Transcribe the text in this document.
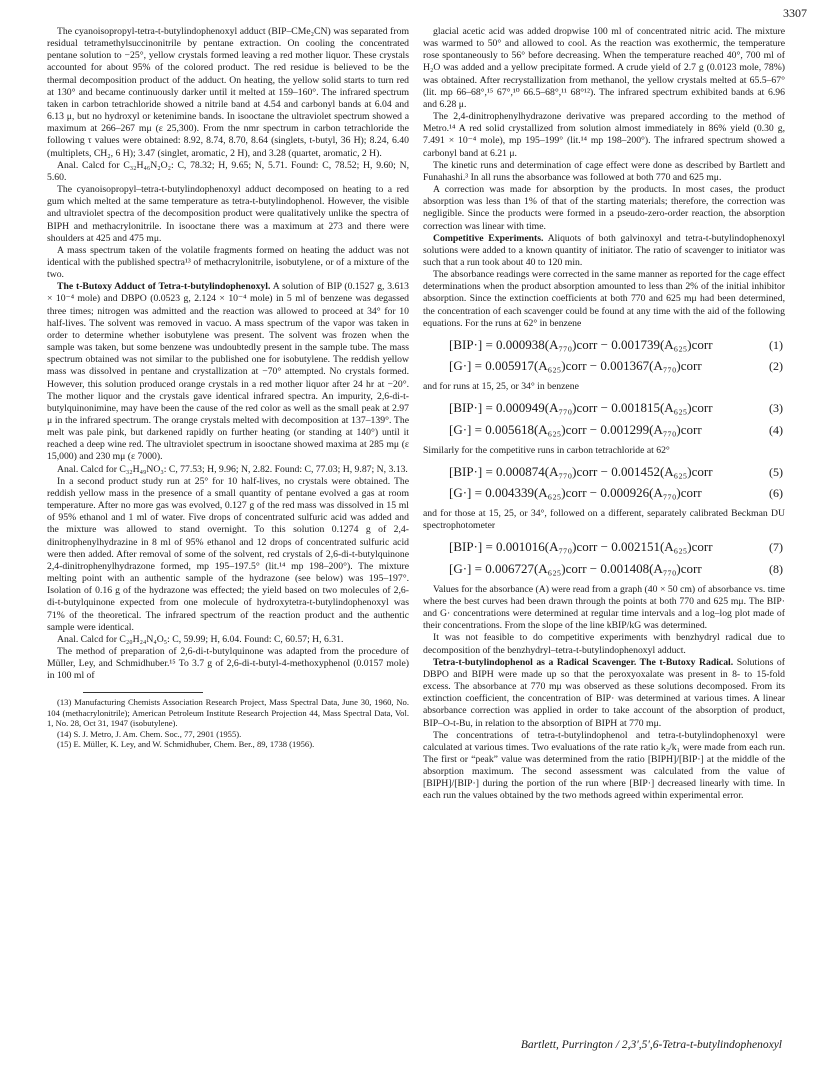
3307

The cyanoisopropyl-tetra-t-butylindophenoxyl adduct (BIP–CMe₂CN) was separated from residual tetramethylsuccinonitrile by pentane extraction. On cooling the concentrated pentane solution to −25°, yellow crystals formed leaving a red mother liquor. These crystals accounted for about 95% of the colored product. The red residue is believed to be the thermal decomposition product of the adduct. On heating, the yellow solid starts to turn red at 130° and became continuously darker until it melted at 159–160°. The infrared spectrum taken in carbon tetrachloride showed a nitrile band at 4.54 and carbonyl bands at 6.04 and 6.13 μ, but no hydroxyl or ketenimine bands. In isooctane the ultraviolet spectrum showed a maximum at 266–267 mμ (ε 25,300). From the nmr spectrum in carbon tetrachloride the following τ values were obtained: 8.92, 8.74, 8.70, 8.64 (singlets, t-butyl, 36 H); 8.24, 6.40 (multiplets, CH₂, 6 H); 3.47 (singlet, aromatic, 2 H), and 3.28 (quartet, aromatic, 2 H).

Anal. Calcd for C₃₂H₄₆N₂O₂: C, 78.32; H, 9.65; N, 5.71. Found: C, 78.52; H, 9.60; N, 5.60.

The cyanoisopropyl–tetra-t-butylindophenoxyl adduct decomposed on heating to a red gum which melted at the same temperature as tetra-t-butylindophenol. However, the visible and ultraviolet spectra of the decomposition product were qualitatively unlike the spectra of BIPH and methacrylonitrile. In isooctane there was a maximum at 273 and there were shoulders at 425 and 475 mμ.

A mass spectrum taken of the volatile fragments formed on heating the adduct was not identical with the published spectra¹³ of methacrylonitrile, isobutylene, or of a mixture of the two.

The t-Butoxy Adduct of Tetra-t-butylindophenoxyl. A solution of BIP (0.1527 g, 3.613 × 10⁻⁴ mole) and DBPO (0.0523 g, 2.124 × 10⁻⁴ mole) in 5 ml of benzene was degassed three times; nitrogen was admitted and the reaction was allowed to proceed at 34° for 10 half-lives. The solvent was removed in vacuo. A mass spectrum of the vapor was taken in order to determine whether isobutylene was present. The solvent was frozen when the sample was taken, but some benzene was undoubtedly present in the sample tube. The mass spectrum obtained was not similar to the published one for isobutylene. The reddish yellow mass was dissolved in pentane and crystallization at −70° attempted. No crystals formed. However, this solution produced orange crystals in a red mother liquor after 24 hr at −20°. The mother liquor and the crystals gave identical infrared spectra. An impurity, 2,6-di-t-butylquinonimine, may have been the cause of the red color as well as the small peak at 2.97 μ in the infrared spectrum. The orange crystals melted with decomposition at 137–139°. The melt was pale pink, but darkened rapidly on further heating (or standing at 140°) until it reached a deep wine red. The ultraviolet spectrum in isooctane showed maxima at 285 mμ (ε 15,000) and 230 mμ (ε 7000).

Anal. Calcd for C₃₂H₄₉NO₃: C, 77.53; H, 9.96; N, 2.82. Found: C, 77.03; H, 9.87; N, 3.13.

In a second product study run at 25° for 10 half-lives, no crystals were obtained. The reddish yellow mass in the presence of a small quantity of pentane evolved a gas at room temperature. After no more gas was evolved, 0.127 g of the red mass was dissolved in 15 ml of 95% ethanol and 1 ml of water. Five drops of concentrated sulfuric acid was added and the mixture was allowed to stand overnight. To this solution 0.1274 g of 2,4-dinitrophenylhydrazine in 8 ml of 95% ethanol and 12 drops of concentrated sulfuric acid were then added. After removal of some of the solvent, red crystals of 2,6-di-t-butylquinone 2,4-dinitrophenylhydrazone formed, mp 195–197.5° (lit.¹⁴ mp 198–200°). The mixture melting point with an authentic sample of the hydrazone (see below) was 195–197°. Isolation of 0.16 g of the hydrazone was effected; the yield based on two molecules of 2,6-di-t-butylquinone expected from one molecule of hydroxytetra-t-butylindophenoxyl was 71% of the theoretical. The infrared spectrum of the reaction product and the authentic sample were identical.

Anal. Calcd for C₂₀H₂₄N₄O₅: C, 59.99; H, 6.04. Found: C, 60.57; H, 6.31.

The method of preparation of 2,6-di-t-butylquinone was adapted from the procedure of Müller, Ley, and Schmidhuber.¹⁵ To 3.7 g of 2,6-di-t-butyl-4-methoxyphenol (0.0157 mole) in 100 ml of

(13) Manufacturing Chemists Association Research Project, Mass Spectral Data, June 30, 1960, No. 104 (methacrylonitrile); American Petroleum Institute Research Projection 44, Mass Spectral Data, Vol. 1, No. 28, Oct 31, 1947 (isobutylene).

(14) S. J. Metro, J. Am. Chem. Soc., 77, 2901 (1955).

(15) E. Müller, K. Ley, and W. Schmidhuber, Chem. Ber., 89, 1738 (1956).

glacial acetic acid was added dropwise 100 ml of concentrated nitric acid. The mixture was warmed to 50° and allowed to cool. As the reaction was exothermic, the temperature rose spontaneously to 56° before decreasing. When the temperature reached 40°, 700 ml of H₂O was added and a yellow precipitate formed. A crude yield of 2.7 g (0.0123 mole, 78%) was obtained. After recrystallization from methanol, the yellow crystals melted at 65.5–67° (lit. mp 66–68°,¹⁵ 67°,¹⁰ 66.5–68°,¹¹ 68°¹²). The infrared spectrum exhibited bands at 6.96 and 6.28 μ.

The 2,4-dinitrophenylhydrazone derivative was prepared according to the method of Metro.¹⁴ A red solid crystallized from solution almost immediately in 86% yield (0.30 g, 7.491 × 10⁻⁴ mole), mp 195–199° (lit.¹⁴ mp 198–200°). The infrared spectrum showed a carbonyl band at 6.21 μ.

The kinetic runs and determination of cage effect were done as described by Bartlett and Funahashi.³ In all runs the absorbance was followed at both 770 and 625 mμ.

A correction was made for absorption by the products. In most cases, the product absorption was less than 1% of that of the starting materials; therefore, the correction was negligible. Since the products were formed in a pseudo-zero-order reaction, the absorption correction was linear with time.

Competitive Experiments. Aliquots of both galvinoxyl and tetra-t-butylindophenoxyl solutions were added to a known quantity of initiator. The ratio of scavenger to initiator was such that a run took about 40 to 120 min.

The absorbance readings were corrected in the same manner as reported for the cage effect determinations when the product absorption amounted to less than 2% of the initial inhibitor absorption. Since the extinction coefficients at both 770 and 625 mμ had been determined, the concentration of each scavenger could be found at any time with the aid of the following equations. For the runs at 62° in benzene

[BIP·] = 0.000938(A₇₇₀)corr − 0.001739(A₆₂₅)corr	(1)
[G·] = 0.005917(A₆₂₅)corr − 0.001367(A₇₇₀)corr	(2)

and for runs at 15, 25, or 34° in benzene

[BIP·] = 0.000949(A₇₇₀)corr − 0.001815(A₆₂₅)corr	(3)
[G·] = 0.005618(A₆₂₅)corr − 0.001299(A₇₇₀)corr	(4)

Similarly for the competitive runs in carbon tetrachloride at 62°

[BIP·] = 0.000874(A₇₇₀)corr − 0.001452(A₆₂₅)corr	(5)
[G·] = 0.004339(A₆₂₅)corr − 0.000926(A₇₇₀)corr	(6)

and for those at 15, 25, or 34°, followed on a different, separately calibrated Beckman DU spectrophotometer

[BIP·] = 0.001016(A₇₇₀)corr − 0.002151(A₆₂₅)corr	(7)
[G·] = 0.006727(A₆₂₅)corr − 0.001408(A₇₇₀)corr	(8)

Values for the absorbance (A) were read from a graph (40 × 50 cm) of absorbance vs. time where the best curves had been drawn through the points at both 770 and 625 mμ. The BIP· and G· concentrations were determined at regular time intervals and a log–log plot made of their concentrations. From the slope of the line kBIP/kG was determined.

It was not feasible to do competitive experiments with benzhydryl radical due to decomposition of the benzhydryl–tetra-t-butylindophenoxyl adduct.

Tetra-t-butylindophenol as a Radical Scavenger. The t-Butoxy Radical. Solutions of DBPO and BIPH were made up so that the peroxyoxalate was present in 8- to 15-fold excess. The absorbance at 770 mμ was observed as these solutions decomposed. From its extinction coefficient, the concentration of BIP· was determined at various times. A linear absorbance correction was applied in order to take account of the absorption of product, BIP–O-t-Bu, in relation to the absorption of BIPH at 770 mμ.

The concentrations of tetra-t-butylindophenol and tetra-t-butylindophenoxyl were calculated at various times. Two evaluations of the rate ratio k₂/k₁ were made from each run. The first or “peak” value was determined from the ratio [BIPH]/[BIP·] at the middle of the absorption maximum. The second assessment was calculated from the value of [BIPH]/[BIP·] during the portion of the run where [BIP·] decreased linearly with time. In each run the values obtained by the two methods agreed within experimental error.

Bartlett, Purrington / 2,3′,5′,6-Tetra-t-butylindophenoxyl
